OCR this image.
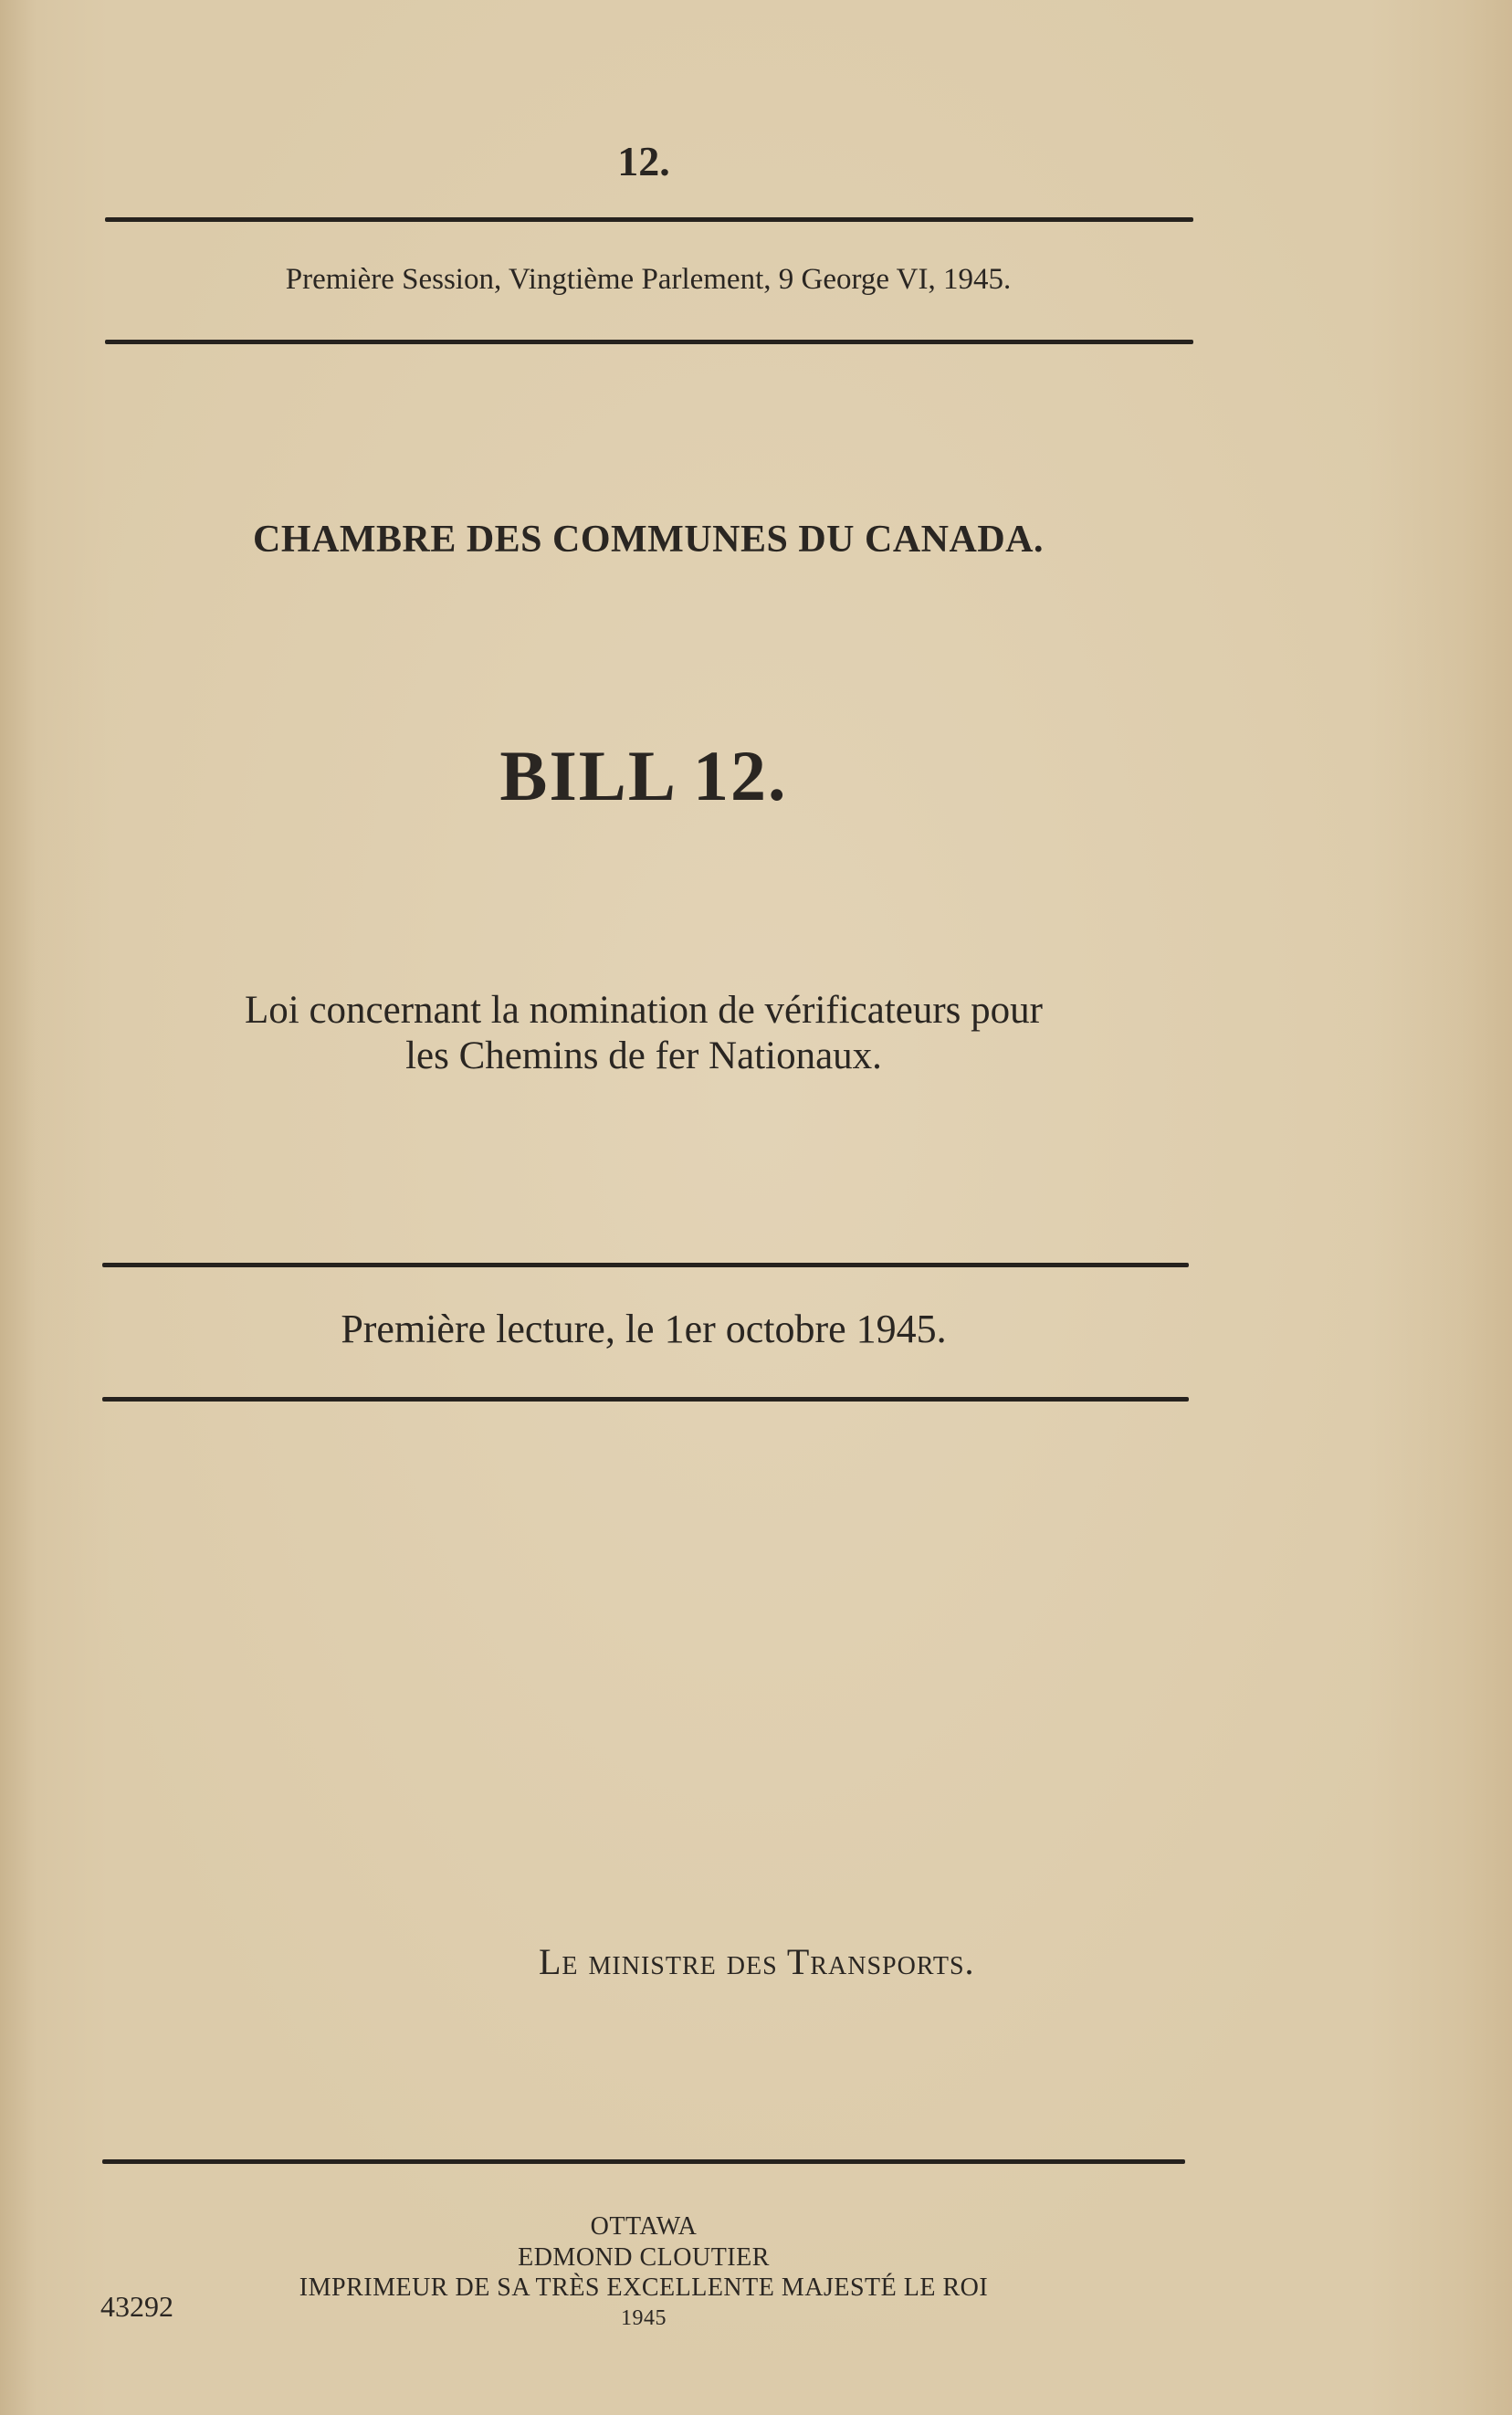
12.
Première Session, Vingtième Parlement, 9 George VI, 1945.
CHAMBRE DES COMMUNES DU CANADA.
BILL 12.
Loi concernant la nomination de vérificateurs pour
les Chemins de fer Nationaux.
Première lecture, le 1er octobre 1945.
Le ministre des Transports.
OTTAWA
EDMOND CLOUTIER
IMPRIMEUR DE SA TRÈS EXCELLENTE MAJESTÉ LE ROI
1945
43292
